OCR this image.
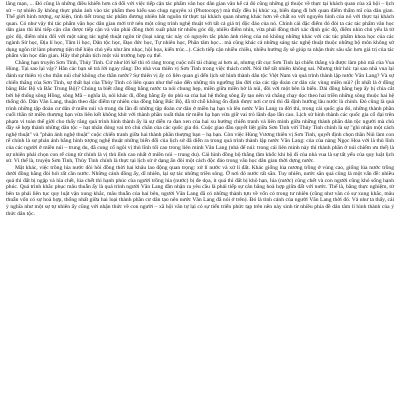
lãng mạn, ... Đó cũng là những điều khiến hơn cả đối với việc tiếp cận tác phẩm văn học dân gian văn kể cả đó cũng những gì thuộc về thực tại khách quan của xã hội – lịch sử – tự nhiên ấy không thực phản ánh vào tác phẩm theo kiểu sao chụp nguyên xi (Photocopy) mà thấy đều bị khúc xạ, biến dạng đi bởi quan điểm thẩm mĩ của dân gian. Thế giới hình tượng, sự kiện, tình tiết trong tác phẩm đương nhiên bắt nguồn từ thực tại khách quan nhưng khác hơn về chất so với nguyên hình của nó với thực tại khách quan. Có như vậy thì tác phẩm văn học dân gian mới trở nên một công trình nghệ thuật với tất cả giá trị độc đáo của nó. Chính cái đặc điểm đó đòi ta các tác phẩm văn học dân gian thì khi tiếp cận cần được tiếp cận và văn phải đồng thời xuất phát từ nhiều góc độ, nhiều điểm nhìn, vừa phải đồng thời xác định góc độ, điểm nhìn chủ yếu là từ góc độ, điểm nhìn đối với một sáng tác nghệ thuật ngôn từ (loại sáng tác này có nguyên tắc phản ảnh riêng của nó không những khác với các tác phẩm khoa học của các ngành Sử học, Địa lí học, Tâm lí học, Dân tộc học, Đạo đức học, Tự nhiên học, Phân tâm học... mà cũng khác cả những sáng tác nghệ thuật thuộc những bộ môn không sử dụng ngôn từ làm phương tiện thể hiện chủ yếu như âm nhạc, hội họa, kiến trúc...). Cách tiếp cận nhiều chiều, nhiều hướng ấy sẽ giúp ta nhận thức sâu sắc hơn giá trị của tác phẩm văn học dân gian. Hãy thử phân tích một vài trường hợp cụ thể.

Chẳng hạn truyện Sơn Tinh, Thủy Tinh. Cứ như lời kể thì rõ ràng trong cuộc nổi tài chàng ai hơn ai, nhưng rất cục Sơn Tinh lại chiến thắng và được làm phò mã của Vua Hùng. Tại sao lại vậy? Hẳn các bạn sẽ trả lời ngay rằng: Do nhà vua thiên vị Sơn Tinh trong việc thách cưới. Nói thế tất nhiên không sai. Nhưng thử hỏi: tại sao nhà vua lại đánh sự thiên vị cho thần núi chứ không cho thần nước? Sự thiên vị ấy có liên quan gì đến lịch sử hình thành dân tộc Việt Nam và quá trình thành lập nước Văn Lang? Và sự chiến thắng của Sơn Tinh, sự thất bại của Thủy Tinh có liên quan như thế nào đến những tín ngưỡng lâu đời của các tập đoàn cư dân các vùng miền núi? (Ít nhất là ở đồng bằng Bắc Bộ và Bắc Trung Bộ)? Chúng ta biết rằng đồng bằng nước ta nói chung hẹp, miền giữa miền bờ là núi, đồi với một bên là biển. Dải đồng bằng hẹp ấy bị chia cắt bởi hệ thống sông Hồng, sông Mã – nghĩa là, nói khác đi, đồng bằng ấy do phù sa của hai hệ thống sông ấy tạo nên và chẳng chạy dọc theo hai triền những sông thuộc hai hệ thống đó. Dân Văn Lang, thuận theo đặc điểm tự nhiên của đồng bằng Bắc Bộ, đã từ chỗ không ổn định được nơi cư trú thì đã định hướng lâu nước là chính. Đó cũng là quá trình những tập đoàn cư dân ở miền núi và trung du lần đi những tập đoàn cư dân ở miền hạ hạn và lên nước Văn Lang ra đời thì, trong cái quốc gia đó, những thành phần cuối thần từ miền thượng bạn vừa liên kết không khít với thành phần xuất thân từ miền hạ bạn vừa giữ vai trò lãnh đạo lẫn cao. Lịch sử hình thành các quốc gia cổ đại trên phạm vi toàn thế giới cho thấy rằng quá trình hình thành ấy là sự diễn ra đan xen của hai xu hướng chiến tranh và liên minh giữa những thành phần dân tộc người mà chủ đầy sẽ hợp thành những dân tộc – hạt nhân đóng vai trò chủ chăn của các quốc gia đó. Cuộc giao đầu quyết liệt giữa Sơn Tinh với Thủy Tinh chính là sự "ghi nhận một cách nghệ thuật" và "phản ánh nghệ thuật" cuộc chiến tranh giữa hai thành phần thượng bạn – hạ bạn. Còn việc Hùng Vương thiên vị Sơn Tinh, quyết định chọn thần Núi làm con rể chính là sự phản ánh bằng hình tượng nghệ thuật những biến đổi của lịch sử đã diễn ra trong quá trình thành lập nước Văn Lang: của của nàng Ngọc Hoa với là thủ lĩnh của các người ở miền núi – trung du, đã cung cố ngôi vị thủ lĩnh tối cao trong liên minh Văn Lang (nhà đế núi: trong cái liên minh này thì thành phần ở núi chiếm ưu thế) là sự nhiên phải chọn con rể cùng từ chính là vị thủ lĩnh cao nhất ở miền núi – trung du). Cái hình đồng bộ thắng tầm khốc khi bộ đi của nhà vua là sự tất yếu của quy luật lịch sử. Vì thế là, truyện Sơn Tinh, Thủy Tinh chính là thực tại lịch sử ở dạng ẩn đôi một cách độc đáo trong văn học dân gian thời dựng nước.

Mặt khác, việc trồng lúa nước đòi hỏi đồng thời hai khâu lao động quan trọng: xử lí nước và xử lí đất. Khác giống lúa nương trồng ở vùng cao, giống lúa nước trồng dưới đồng bằng đòi hỏi rất cần nước. Những cánh đồng ấy, dĩ nhiên, lại sự tác những triền sông. Ở nơi đó nước rất sẵn. Tuy nhiên, nước sẵn quá cũng là một vấn đề: nhiều quá thì đất bị ngập và lúa chết, lúa chết thì hạnh phúc của người trồng lúa (nước) bị đe dọa, ít quá thì đất bị khô hạn, lúa (nước) cũng chết và con người cũng khó sống hạnh phúc. Quá trình khắc phục mâu thuẫn ấy là quá trình người Văn Lang dần nhận ra yêu cầu là phải tiếp sự cân bằng hoà hợp giữa đất với nước. Thế là, bằng thực nghiệm, từ bên ta phải liên tục quy luật vận xung khắc, mâu thuẫn của hai bên, người Văn Lang đã có những thành tựu về vốn có trong tư nhiên (cũng như văn có sự xung khắc, mâu thuẫn vốn có sự hoà hợp, thống nhất giữa hai loại thành phần cư dân tạo nên nước Văn Lang đã nói ở trên). Đó là tình cảnh của người Văn Lang thời đó. Vả như ta thấy, cái ý nghĩa như một sự tự nhiên ấy cũng với nhận thức về con người – xã hội văn tự lại có sự tiến triển phức tạp trên nền này sinh từ nhiều phía đề dân tâm lí hình thành của ý thức dân tộc.
